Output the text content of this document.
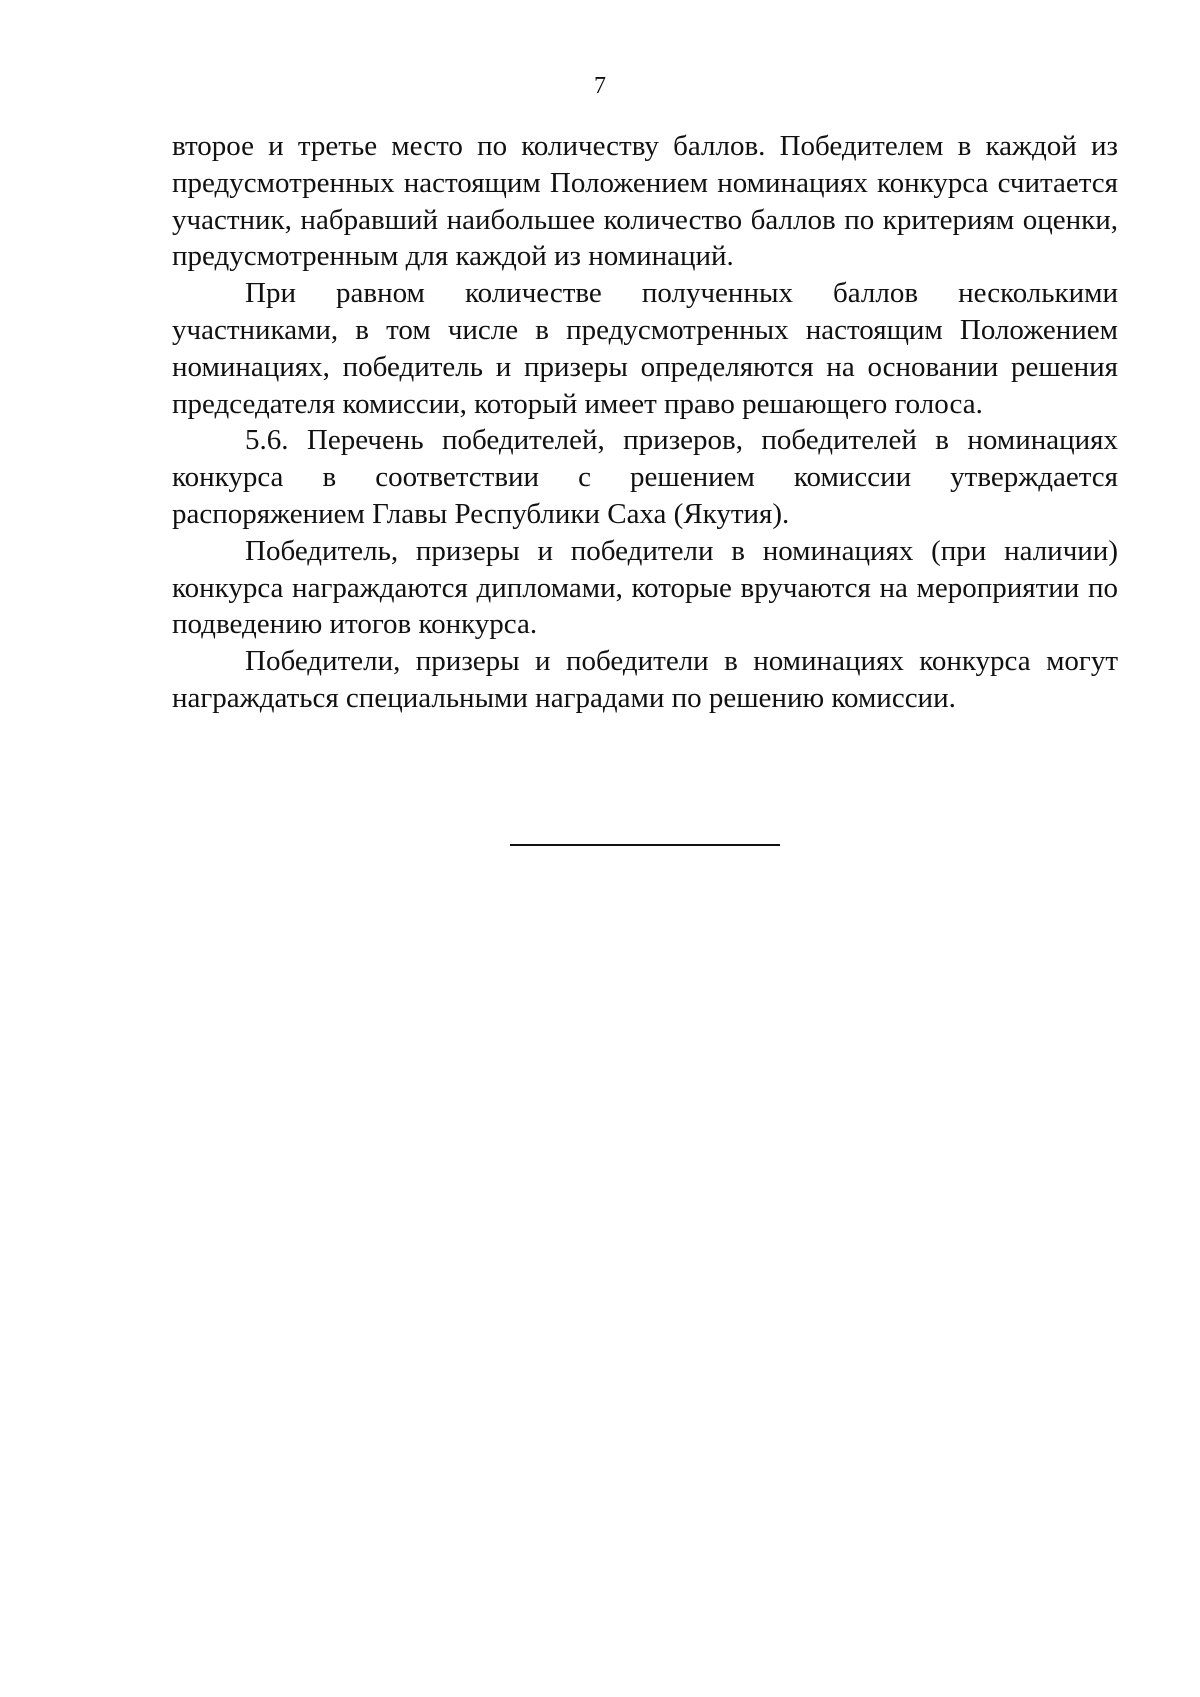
7

второе и третье место по количеству баллов. Победителем в каждой из предусмотренных настоящим Положением номинациях конкурса считается участник, набравший наибольшее количество баллов по критериям оценки, предусмотренным для каждой из номинаций.

При равном количестве полученных баллов несколькими участниками, в том числе в предусмотренных настоящим Положением номинациях, победитель и призеры определяются на основании решения председателя комиссии, который имеет право решающего голоса.

5.6. Перечень победителей, призеров, победителей в номинациях конкурса в соответствии с решением комиссии утверждается распоряжением Главы Республики Саха (Якутия).

Победитель, призеры и победители в номинациях (при наличии) конкурса награждаются дипломами, которые вручаются на мероприятии по подведению итогов конкурса.

Победители, призеры и победители в номинациях конкурса могут награждаться специальными наградами по решению комиссии.
